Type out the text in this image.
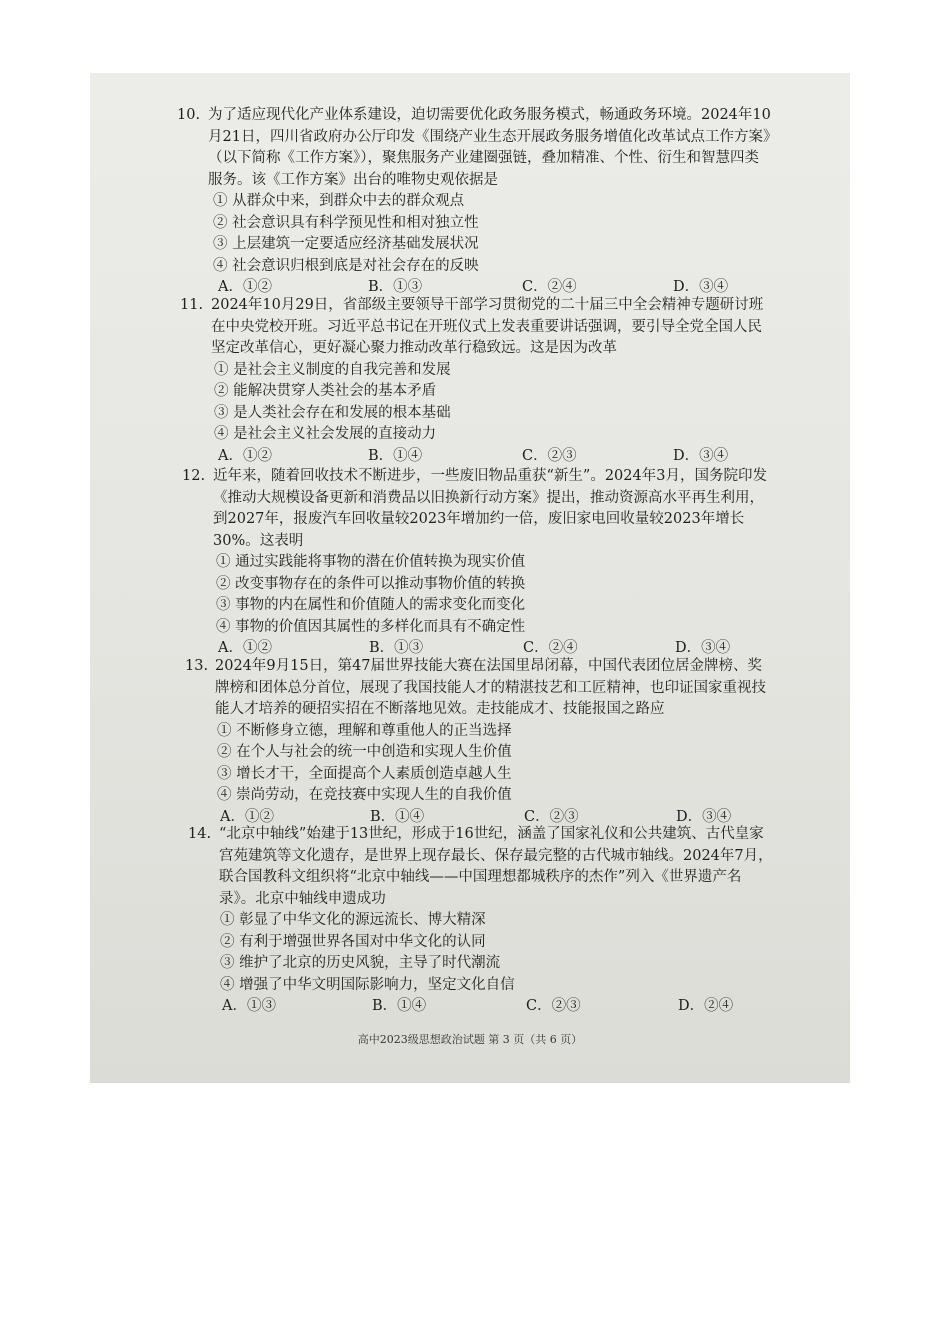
10. 为了适应现代化产业体系建设，迫切需要优化政务服务模式，畅通政务环境。2024年10月21日，四川省政府办公厅印发《围绕产业生态开展政务服务增值化改革试点工作方案》（以下简称《工作方案》），聚焦服务产业建圈强链，叠加精准、个性、衍生和智慧四类服务。该《工作方案》出台的唯物史观依据是
① 从群众中来，到群众中去的群众观点
② 社会意识具有科学预见性和相对独立性
③ 上层建筑一定要适应经济基础发展状况
④ 社会意识归根到底是对社会存在的反映
A．①②	B．①③	C．②④	D．③④
11. 2024年10月29日，省部级主要领导干部学习贯彻党的二十届三中全会精神专题研讨班在中央党校开班。习近平总书记在开班仪式上发表重要讲话强调，要引导全党全国人民坚定改革信心，更好凝心聚力推动改革行稳致远。这是因为改革
① 是社会主义制度的自我完善和发展
② 能解决贯穿人类社会的基本矛盾
③ 是人类社会存在和发展的根本基础
④ 是社会主义社会发展的直接动力
A．①②	B．①④	C．②③	D．③④
12. 近年来，随着回收技术不断进步，一些废旧物品重获“新生”。2024年3月，国务院印发《推动大规模设备更新和消费品以旧换新行动方案》提出，推动资源高水平再生利用，到2027年，报废汽车回收量较2023年增加约一倍，废旧家电回收量较2023年增长30%。这表明
① 通过实践能将事物的潜在价值转换为现实价值
② 改变事物存在的条件可以推动事物价值的转换
③ 事物的内在属性和价值随人的需求变化而变化
④ 事物的价值因其属性的多样化而具有不确定性
A．①②	B．①③	C．②④	D．③④
13. 2024年9月15日，第47届世界技能大赛在法国里昂闭幕，中国代表团位居金牌榜、奖牌榜和团体总分首位，展现了我国技能人才的精湛技艺和工匠精神，也印证国家重视技能人才培养的硬招实招在不断落地见效。走技能成才、技能报国之路应
① 不断修身立德，理解和尊重他人的正当选择
② 在个人与社会的统一中创造和实现人生价值
③ 增长才干，全面提高个人素质创造卓越人生
④ 崇尚劳动，在竞技赛中实现人生的自我价值
A．①②	B．①④	C．②③	D．③④
14. “北京中轴线”始建于13世纪，形成于16世纪，涵盖了国家礼仪和公共建筑、古代皇家宫苑建筑等文化遗存，是世界上现存最长、保存最完整的古代城市轴线。2024年7月，联合国教科文组织将“北京中轴线——中国理想都城秩序的杰作”列入《世界遗产名录》。北京中轴线申遗成功
① 彰显了中华文化的源远流长、博大精深
② 有利于增强世界各国对中华文化的认同
③ 维护了北京的历史风貌，主导了时代潮流
④ 增强了中华文明国际影响力，坚定文化自信
A．①③	B．①④	C．②③	D．②④
高中2023级思想政治试题 第 3 页（共 6 页）
